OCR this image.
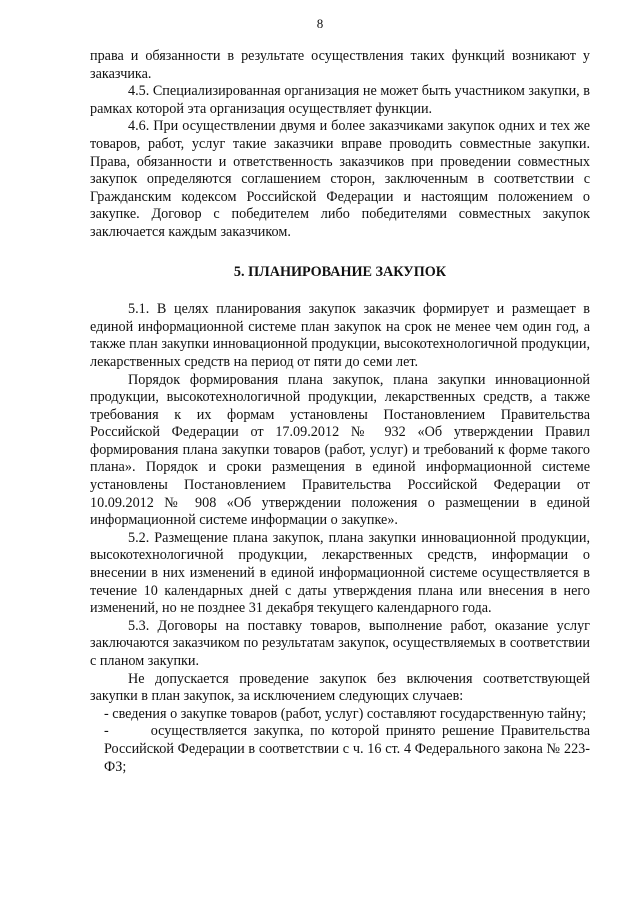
8

права и обязанности в результате осуществления таких функций возникают у заказчика.

4.5. Специализированная организация не может быть участником закупки, в рамках которой эта организация осуществляет функции.

4.6. При осуществлении двумя и более заказчиками закупок одних и тех же товаров, работ, услуг такие заказчики вправе проводить совместные закупки. Права, обязанности и ответственность заказчиков при проведении совместных закупок определяются соглашением сторон, заключенным в соответствии с Гражданским кодексом Российской Федерации и настоящим положением о закупке. Договор с победителем либо победителями совместных закупок заключается каждым заказчиком.

5. ПЛАНИРОВАНИЕ ЗАКУПОК

5.1. В целях планирования закупок заказчик формирует и размещает в единой информационной системе план закупок на срок не менее чем один год, а также план закупки инновационной продукции, высокотехнологичной продукции, лекарственных средств на период от пяти до семи лет.

Порядок формирования плана закупок, плана закупки инновационной продукции, высокотехнологичной продукции, лекарственных средств, а также требования к их формам установлены Постановлением Правительства Российской Федерации от 17.09.2012 № 932 «Об утверждении Правил формирования плана закупки товаров (работ, услуг) и требований к форме такого плана». Порядок и сроки размещения в единой информационной системе установлены Постановлением Правительства Российской Федерации от 10.09.2012 № 908 «Об утверждении положения о размещении в единой информационной системе информации о закупке».

5.2. Размещение плана закупок, плана закупки инновационной продукции, высокотехнологичной продукции, лекарственных средств, информации о внесении в них изменений в единой информационной системе осуществляется в течение 10 календарных дней с даты утверждения плана или внесения в него изменений, но не позднее 31 декабря текущего календарного года.

5.3. Договоры на поставку товаров, выполнение работ, оказание услуг заключаются заказчиком по результатам закупок, осуществляемых в соответствии с планом закупки.

Не допускается проведение закупок без включения соответствующей закупки в план закупок, за исключением следующих случаев:

- сведения о закупке товаров (работ, услуг) составляют государственную тайну;

-	осуществляется закупка, по которой принято решение Правительства Российской Федерации в соответствии с ч. 16 ст. 4 Федерального закона № 223-ФЗ;
